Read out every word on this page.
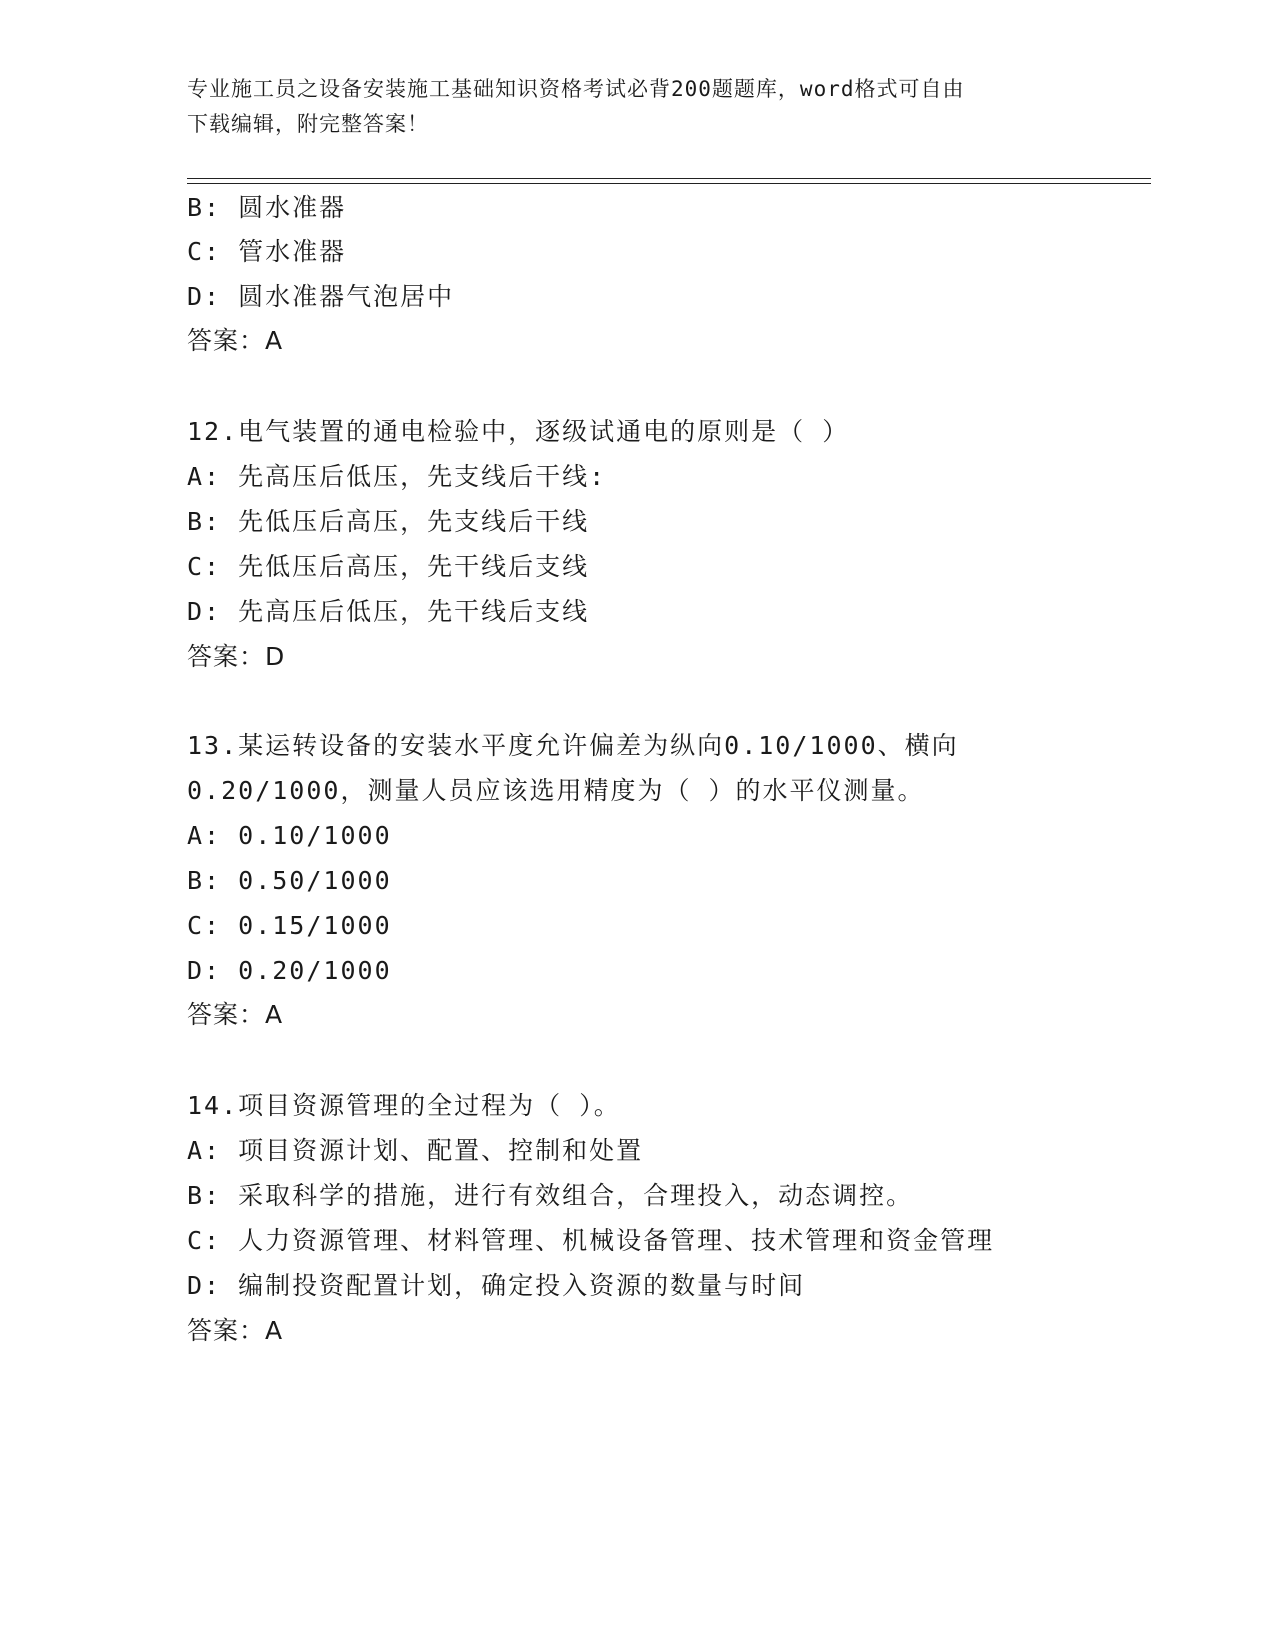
专业施工员之设备安装施工基础知识资格考试必背200题题库，word格式可自由
下载编辑，附完整答案！
B: 圆水准器
C: 管水准器
D: 圆水准器气泡居中
答案：A
12.电气装置的通电检验中，逐级试通电的原则是（ ）
A: 先高压后低压，先支线后干线:
B: 先低压后高压，先支线后干线
C: 先低压后高压，先干线后支线
D: 先高压后低压，先干线后支线
答案：D
13.某运转设备的安装水平度允许偏差为纵向0.10/1000、横向
0.20/1000，测量人员应该选用精度为（ ）的水平仪测量。
A: 0.10/1000
B: 0.50/1000
C: 0.15/1000
D: 0.20/1000
答案：A
14.项目资源管理的全过程为（ ）。
A: 项目资源计划、配置、控制和处置
B: 采取科学的措施，进行有效组合，合理投入，动态调控。
C: 人力资源管理、材料管理、机械设备管理、技术管理和资金管理
D: 编制投资配置计划，确定投入资源的数量与时间
答案：A
